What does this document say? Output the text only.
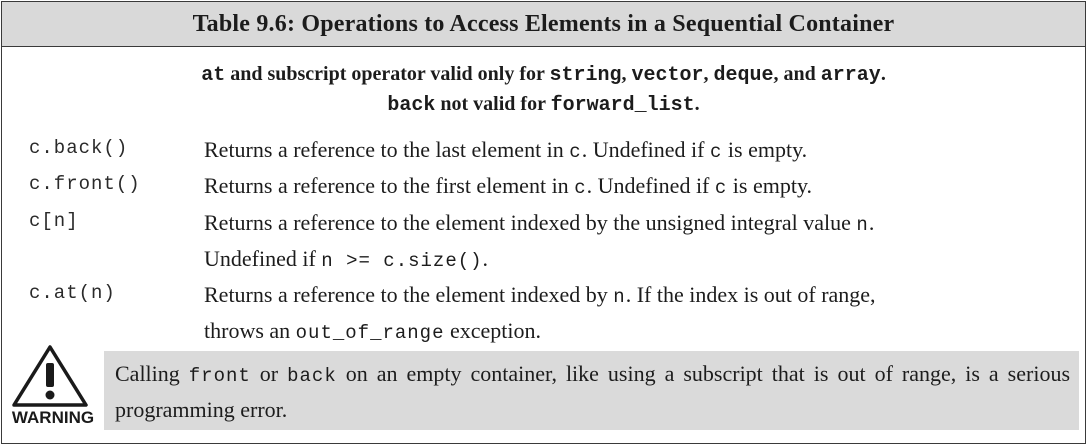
Table 9.6: Operations to Access Elements in a Sequential Container
at and subscript operator valid only for string, vector, deque, and array.
back not valid for forward_list.
c.back()	Returns a reference to the last element in c. Undefined if c is empty.
c.front()	Returns a reference to the first element in c. Undefined if c is empty.
c[n]	Returns a reference to the element indexed by the unsigned integral value n.
Undefined if n >= c.size().
c.at(n)	Returns a reference to the element indexed by n. If the index is out of range,
throws an out_of_range exception.
WARNING
Calling front or back on an empty container, like using a subscript that is out of range, is a serious programming error.
